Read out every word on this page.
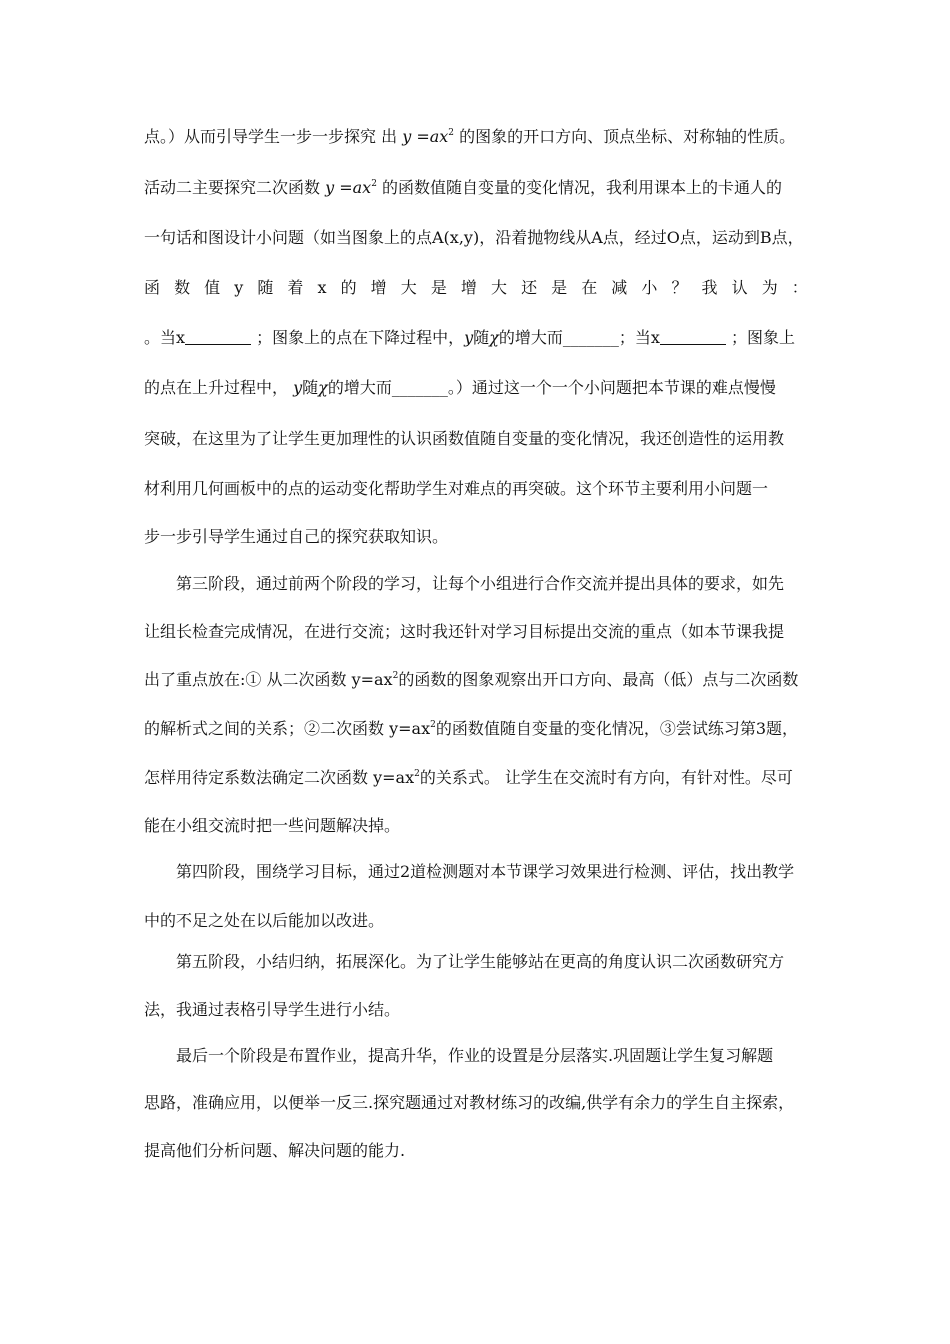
点。）从而引导学生一步一步探究 出 $y =ax^2$ 的图象的开口方向、顶点坐标、对称轴的性质。
活动二主要探究二次函数 $y =ax^2$ 的函数值随自变量的变化情况，我利用课本上的卡通人的
一句话和图设计小问题（如当图象上的点A(x,y)，沿着抛物线从A点，经过O点，运动到B点，
函 数 值 y 随 着 x 的 增 大 是 增 大 还 是 在 减 小 ？ 我 认 为 ：
。当x	；图象上的点在下降过程中，y随χ的增大而_______；当x	；图象上
的点在上升过程中， y随χ的增大而_______。）通过这一个一个小问题把本节课的难点慢慢
突破，在这里为了让学生更加理性的认识函数值随自变量的变化情况，我还创造性的运用教
材利用几何画板中的点的运动变化帮助学生对难点的再突破。这个环节主要利用小问题一
步一步引导学生通过自己的探究获取知识。
第三阶段，通过前两个阶段的学习，让每个小组进行合作交流并提出具体的要求，如先
让组长检查完成情况，在进行交流；这时我还针对学习目标提出交流的重点（如本节课我提
出了重点放在:① 从二次函数 $y=ax^2$的函数的图象观察出开口方向、最高（低）点与二次函数
的解析式之间的关系；②二次函数 $y=ax^2$的函数值随自变量的变化情况，③尝试练习第3题，
怎样用待定系数法确定二次函数 $y=ax^2$的关系式。 让学生在交流时有方向，有针对性。尽可
能在小组交流时把一些问题解决掉。
第四阶段，围绕学习目标，通过2道检测题对本节课学习效果进行检测、评估，找出教学
中的不足之处在以后能加以改进。
第五阶段，小结归纳，拓展深化。为了让学生能够站在更高的角度认识二次函数研究方
法，我通过表格引导学生进行小结。
最后一个阶段是布置作业，提高升华，作业的设置是分层落实.巩固题让学生复习解题
思路，准确应用，以便举一反三.探究题通过对教材练习的改编,供学有余力的学生自主探索，
提高他们分析问题、解决问题的能力.
